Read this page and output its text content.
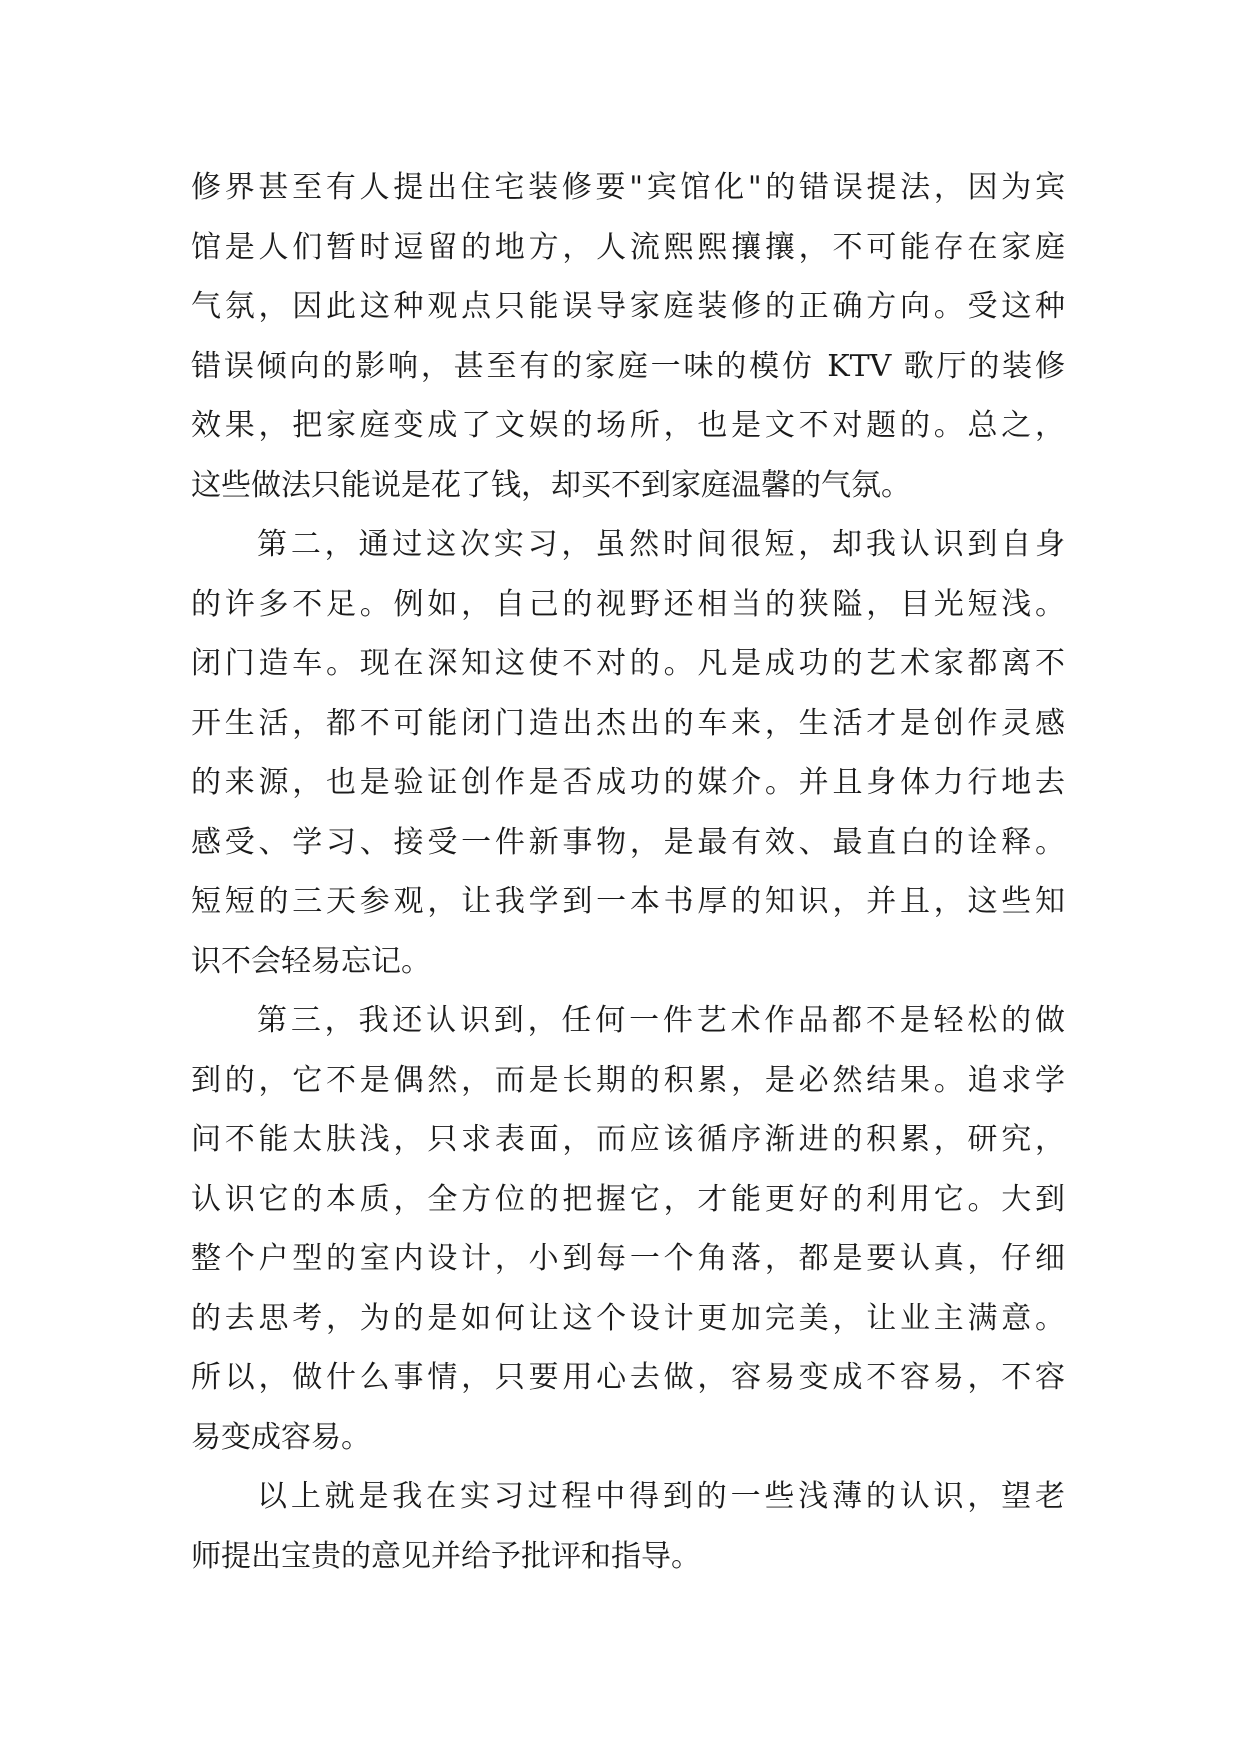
修界甚至有人提出住宅装修要"宾馆化"的错误提法，因为宾
馆是人们暂时逗留的地方，人流熙熙攘攘，不可能存在家庭
气氛，因此这种观点只能误导家庭装修的正确方向。受这种
错误倾向的影响，甚至有的家庭一味的模仿 KTV 歌厅的装修
效果，把家庭变成了文娱的场所，也是文不对题的。总之，
这些做法只能说是花了钱，却买不到家庭温馨的气氛。
第二，通过这次实习，虽然时间很短，却我认识到自身
的许多不足。例如，自己的视野还相当的狭隘，目光短浅。
闭门造车。现在深知这使不对的。凡是成功的艺术家都离不
开生活，都不可能闭门造出杰出的车来，生活才是创作灵感
的来源，也是验证创作是否成功的媒介。并且身体力行地去
感受、学习、接受一件新事物，是最有效、最直白的诠释。
短短的三天参观，让我学到一本书厚的知识，并且，这些知
识不会轻易忘记。
第三，我还认识到，任何一件艺术作品都不是轻松的做
到的，它不是偶然，而是长期的积累，是必然结果。追求学
问不能太肤浅，只求表面，而应该循序渐进的积累，研究，
认识它的本质，全方位的把握它，才能更好的利用它。大到
整个户型的室内设计，小到每一个角落，都是要认真，仔细
的去思考，为的是如何让这个设计更加完美，让业主满意。
所以，做什么事情，只要用心去做，容易变成不容易，不容
易变成容易。
以上就是我在实习过程中得到的一些浅薄的认识，望老
师提出宝贵的意见并给予批评和指导。
